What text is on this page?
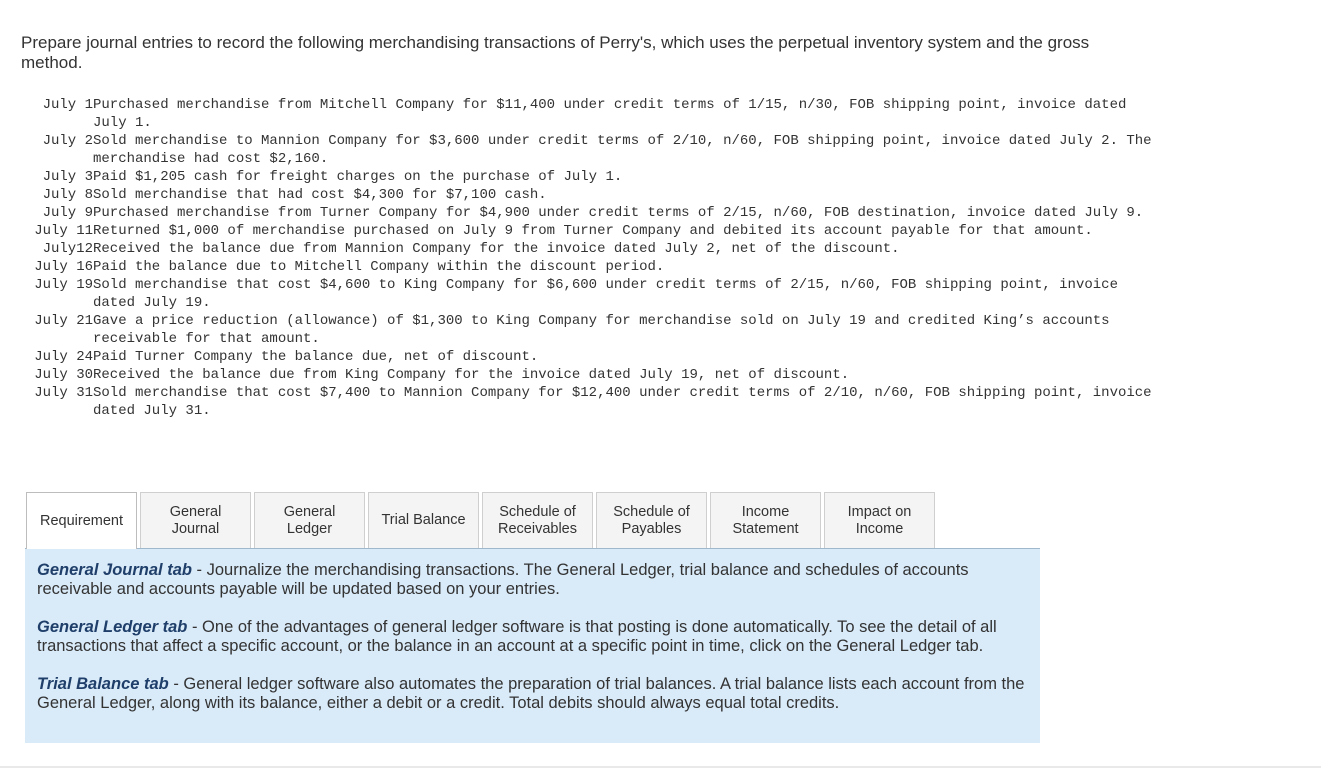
Prepare journal entries to record the following merchandising transactions of Perry's, which uses the perpetual inventory system and the gross method.
July 1 Purchased merchandise from Mitchell Company for $11,400 under credit terms of 1/15, n/30, FOB shipping point, invoice dated July 1.
July 2 Sold merchandise to Mannion Company for $3,600 under credit terms of 2/10, n/60, FOB shipping point, invoice dated July 2. The merchandise had cost $2,160.
July 3 Paid $1,205 cash for freight charges on the purchase of July 1.
July 8 Sold merchandise that had cost $4,300 for $7,100 cash.
July 9 Purchased merchandise from Turner Company for $4,900 under credit terms of 2/15, n/60, FOB destination, invoice dated July 9.
July 11 Returned $1,000 of merchandise purchased on July 9 from Turner Company and debited its account payable for that amount.
July12 Received the balance due from Mannion Company for the invoice dated July 2, net of the discount.
July 16 Paid the balance due to Mitchell Company within the discount period.
July 19 Sold merchandise that cost $4,600 to King Company for $6,600 under credit terms of 2/15, n/60, FOB shipping point, invoice dated July 19.
July 21 Gave a price reduction (allowance) of $1,300 to King Company for merchandise sold on July 19 and credited King’s accounts receivable for that amount.
July 24 Paid Turner Company the balance due, net of discount.
July 30 Received the balance due from King Company for the invoice dated July 19, net of discount.
July 31 Sold merchandise that cost $7,400 to Mannion Company for $12,400 under credit terms of 2/10, n/60, FOB shipping point, invoice dated July 31.
Requirement
General Journal
General Ledger
Trial Balance
Schedule of Receivables
Schedule of Payables
Income Statement
Impact on Income

General Journal tab - Journalize the merchandising transactions. The General Ledger, trial balance and schedules of accounts receivable and accounts payable will be updated based on your entries.

General Ledger tab - One of the advantages of general ledger software is that posting is done automatically. To see the detail of all transactions that affect a specific account, or the balance in an account at a specific point in time, click on the General Ledger tab.

Trial Balance tab - General ledger software also automates the preparation of trial balances. A trial balance lists each account from the General Ledger, along with its balance, either a debit or a credit. Total debits should always equal total credits.
